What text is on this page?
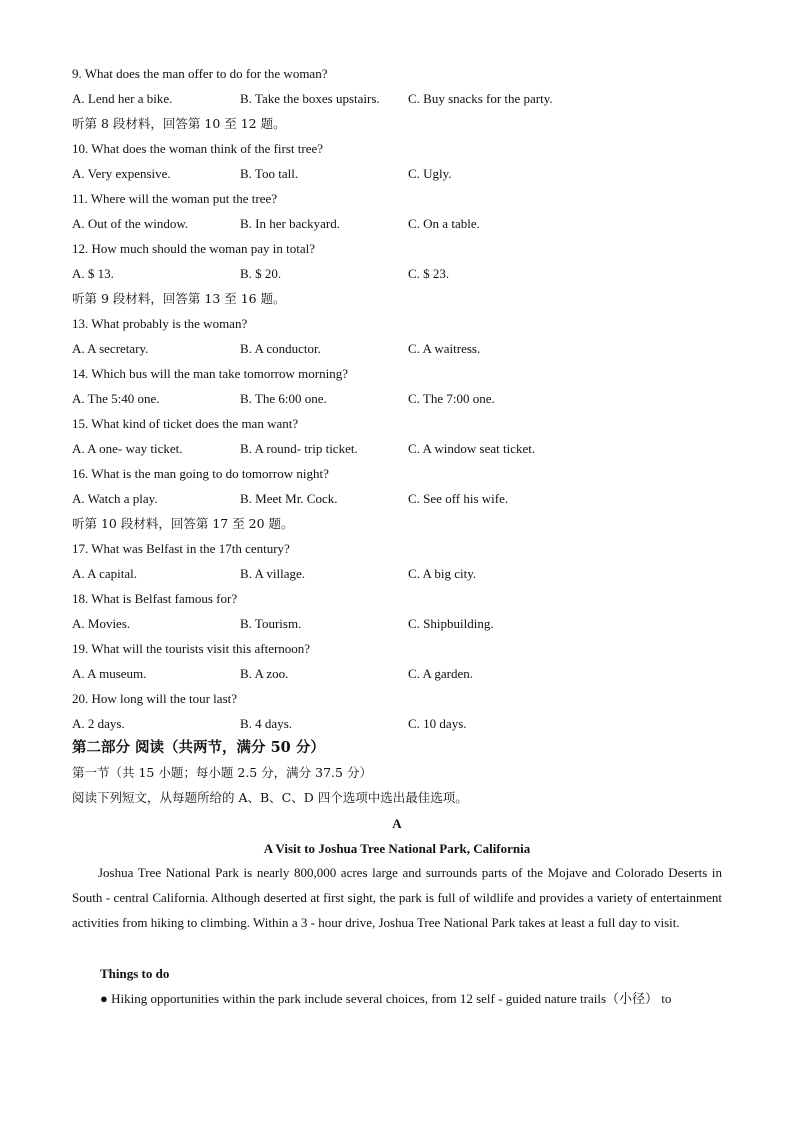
9. What does the man offer to do for the woman?
A. Lend her a bike.	B. Take the boxes upstairs. C. Buy snacks for the party.
听第 8 段材料，回答第 10 至 12 题。
10. What does the woman think of the first tree?
A. Very expensive.	B. Too tall.	C. Ugly.
11. Where will the woman put the tree?
A. Out of the window.	B. In her backyard.	C. On a table.
12. How much should the woman pay in total?
A. $ 13.	B. $ 20.	C. $ 23.
听第 9 段材料，回答第 13 至 16 题。
13. What probably is the woman?
A. A secretary.	B. A conductor.	C. A waitress.
14. Which bus will the man take tomorrow morning?
A. The 5:40 one.	B. The 6:00 one.	C. The 7:00 one.
15. What kind of ticket does the man want?
A. A one- way ticket.	B. A round- trip ticket.	C. A window seat ticket.
16. What is the man going to do tomorrow night?
A. Watch a play.	B. Meet Mr. Cock.	C. See off his wife.
听第 10 段材料，回答第 17 至 20 题。
17. What was Belfast in the 17th century?
A. A capital.	B. A village.	C. A big city.
18. What is Belfast famous for?
A. Movies.	B. Tourism.	C. Shipbuilding.
19. What will the tourists visit this afternoon?
A. A museum.	B. A zoo.	C. A garden.
20. How long will the tour last?
A. 2 days.	B. 4 days.	C. 10 days.
第二部分 阅读（共两节，满分 50 分）
第一节（共 15 小题；每小题 2.5 分，满分 37.5 分）
阅读下列短文，从每题所给的 A、B、C、D 四个选项中选出最佳选项。
A
A Visit to Joshua Tree National Park, California
Joshua Tree National Park is nearly 800,000 acres large and surrounds parts of the Mojave and Colorado Deserts in South - central California. Although deserted at first sight, the park is full of wildlife and provides a variety of entertainment activities from hiking to climbing. Within a 3 - hour drive, Joshua Tree National Park takes at least a full day to visit.
Things to do
● Hiking opportunities within the park include several choices, from 12 self - guided nature trails（小径） to
